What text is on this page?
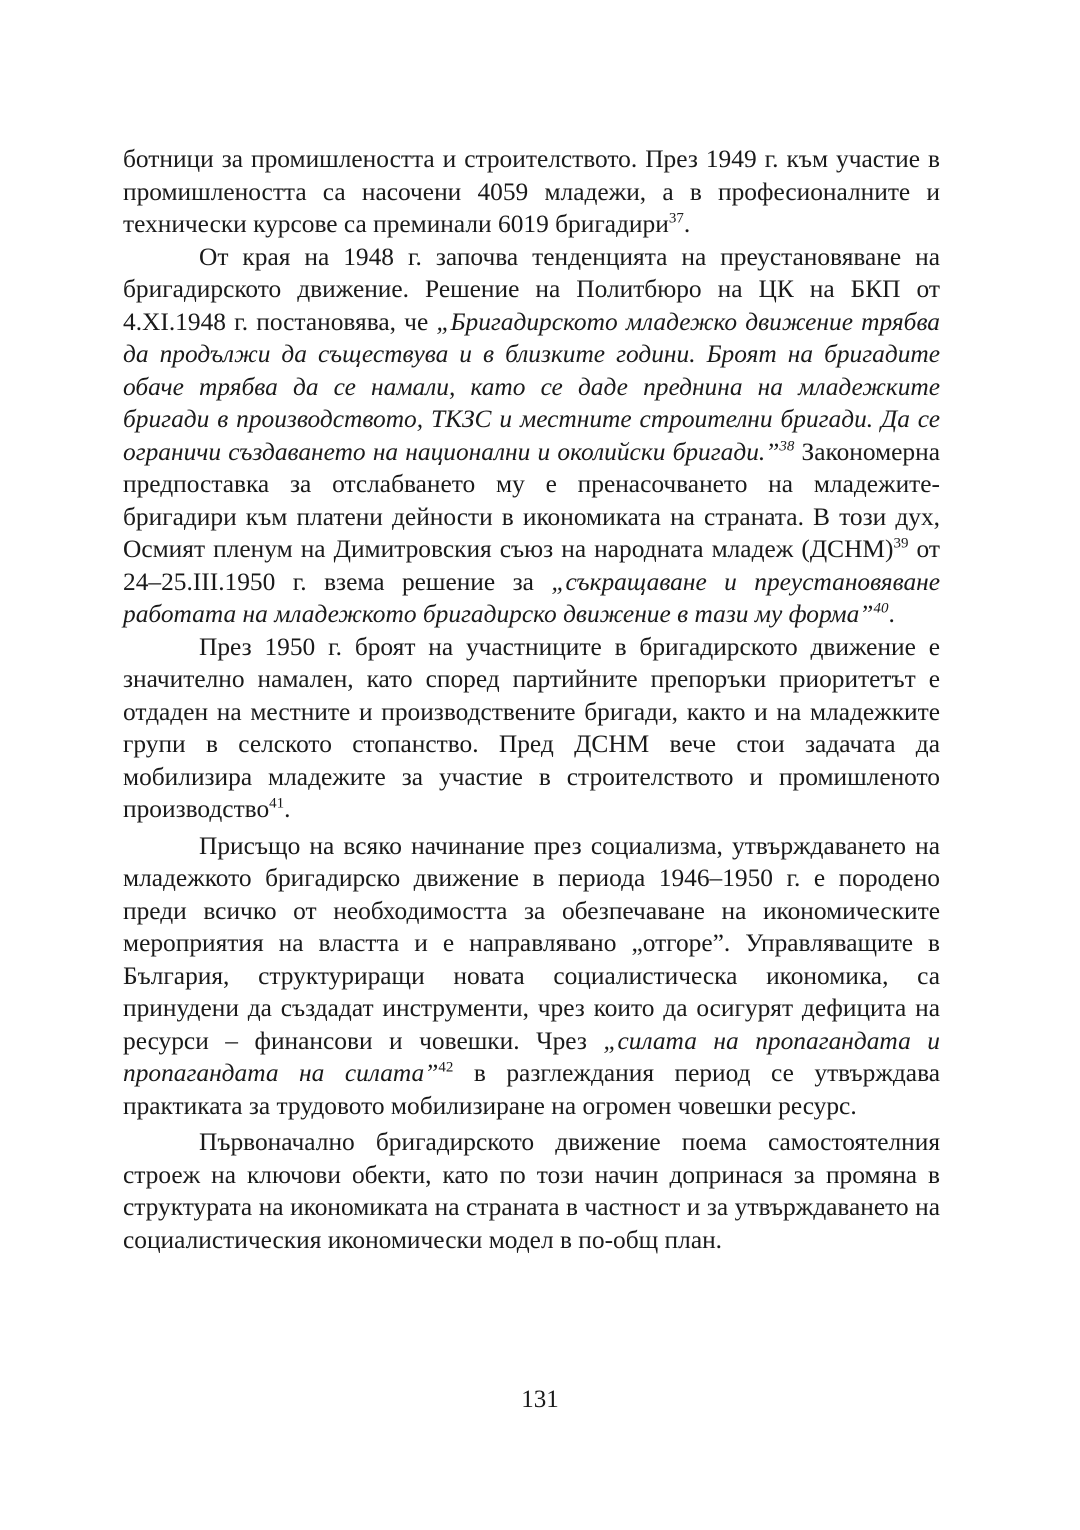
ботници за промишлеността и строителството. През 1949 г. към участие в промишлеността са насочени 4059 младежи, а в професионалните и технически курсове са преминали 6019 бригадири$^{37}$.

От края на 1948 г. започва тенденцията на преустановяване на бригадирското движение. Решение на Политбюро на ЦК на БКП от 4.XI.1948 г. постановява, че „Бригадирското младежко движение трябва да продължи да съществува и в близките години. Броят на бригадите обаче трябва да се намали, като се даде преднина на младежките бригади в производството, ТКЗС и местните строителни бригади. Да се ограничи създаването на национални и околийски бригади.”$^{38}$ Закономерна предпоставка за отслабването му е пренасочването на младежите-бригадири към платени дейности в икономиката на страната. В този дух, Осмият пленум на Димитровския съюз на народната младеж (ДСНМ)$^{39}$ от 24–25.III.1950 г. взема решение за „съкращаване и преустановяване работата на младежкото бригадирско движение в тази му форма”$^{40}$.

През 1950 г. броят на участниците в бригадирското движение е значително намален, като според партийните препоръки приоритетът е отдаден на местните и производствените бригади, както и на младежките групи в селското стопанство. Пред ДСНМ вече стои задачата да мобилизира младежите за участие в строителството и промишленото производство$^{41}$.

Присъщо на всяко начинание през социализма, утвърждаването на младежкото бригадирско движение в периода 1946–1950 г. е породено преди всичко от необходимостта за обезпечаване на икономическите мероприятия на властта и е направлявано „отгоре”. Управляващите в България, структуриращи новата социалистическа икономика, са принудени да създадат инструменти, чрез които да осигурят дефицита на ресурси – финансови и човешки. Чрез „силата на пропагандата и пропагандата на силата”$^{42}$ в разглеждания период се утвърждава практиката за трудовото мобилизиране на огромен човешки ресурс.

Първоначално бригадирското движение поема самостоятелния строеж на ключови обекти, като по този начин допринася за промяна в структурата на икономиката на страната в частност и за утвърждаването на социалистическия икономически модел в по-общ план.

131
